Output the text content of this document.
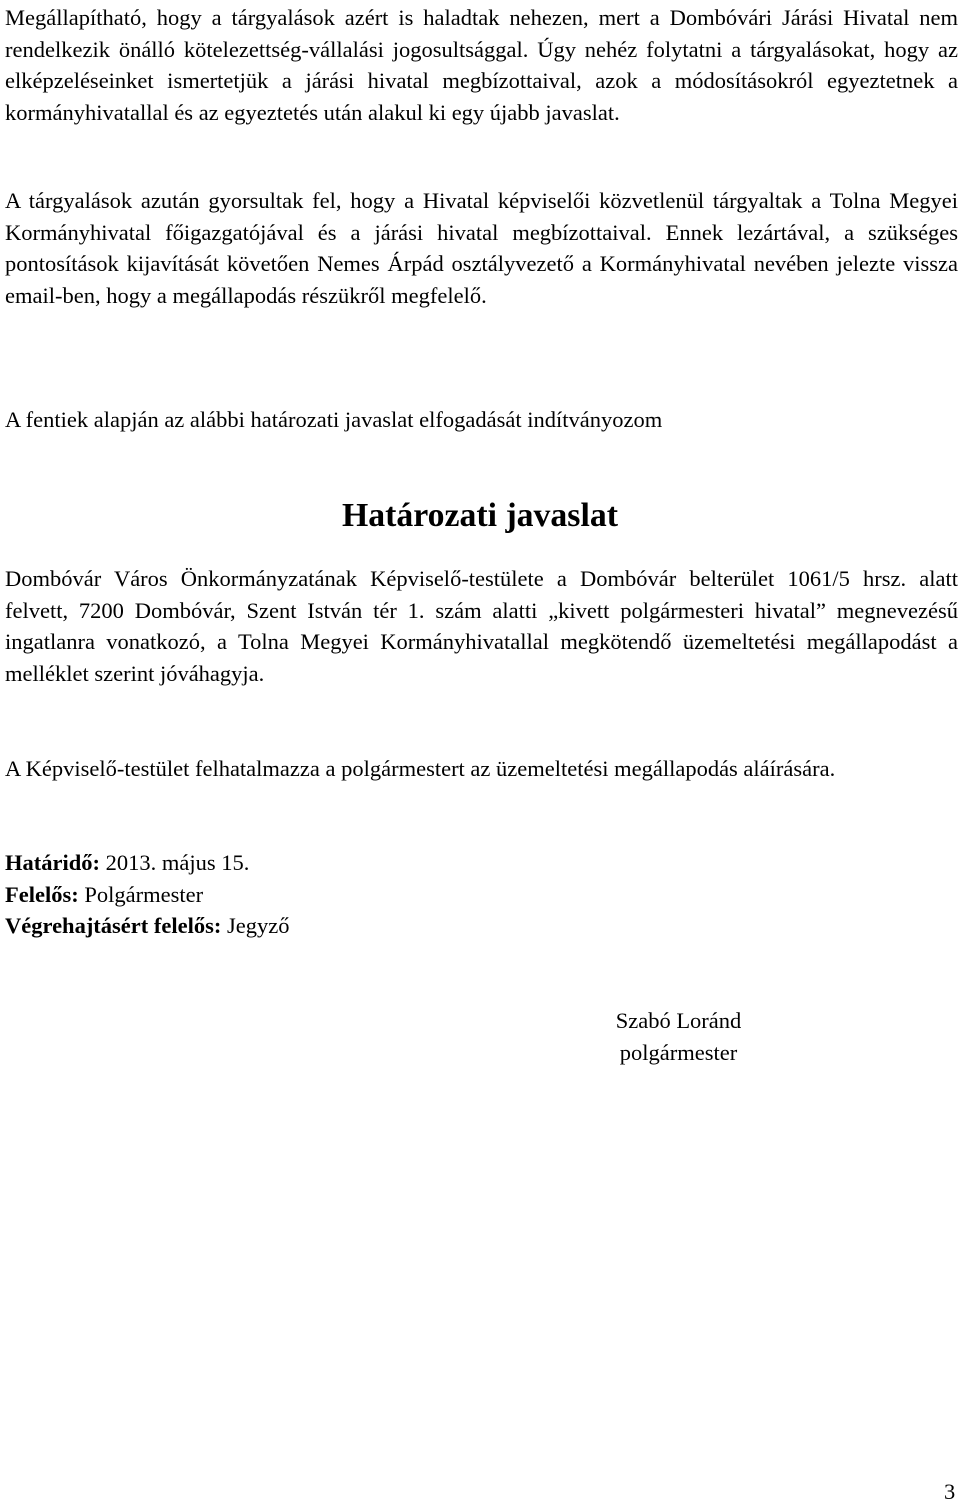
Megállapítható, hogy a tárgyalások azért is haladtak nehezen, mert a Dombóvári Járási Hivatal nem rendelkezik önálló kötelezettség-vállalási jogosultsággal. Úgy nehéz folytatni a tárgyalásokat, hogy az elképzeléseinket ismertetjük a járási hivatal megbízottaival, azok a módosításokról egyeztetnek a kormányhivatallal és az egyeztetés után alakul ki egy újabb javaslat.

A tárgyalások azután gyorsultak fel, hogy a Hivatal képviselői közvetlenül tárgyaltak a Tolna Megyei Kormányhivatal főigazgatójával és a járási hivatal megbízottaival. Ennek lezártával, a szükséges pontosítások kijavítását követően Nemes Árpád osztályvezető a Kormányhivatal nevében jelezte vissza email-ben, hogy a megállapodás részükről megfelelő.

A fentiek alapján az alábbi határozati javaslat elfogadását indítványozom

Határozati javaslat

Dombóvár Város Önkormányzatának Képviselő-testülete a Dombóvár belterület 1061/5 hrsz. alatt felvett, 7200 Dombóvár, Szent István tér 1. szám alatti „kivett polgármesteri hivatal” megnevezésű ingatlanra vonatkozó, a Tolna Megyei Kormányhivatallal megkötendő üzemeltetési megállapodást a melléklet szerint jóváhagyja.

A Képviselő-testület felhatalmazza a polgármestert az üzemeltetési megállapodás aláírására.

Határidő: 2013. május 15.
Felelős: Polgármester
Végrehajtásért felelős: Jegyző
Szabó Loránd
polgármester
3
